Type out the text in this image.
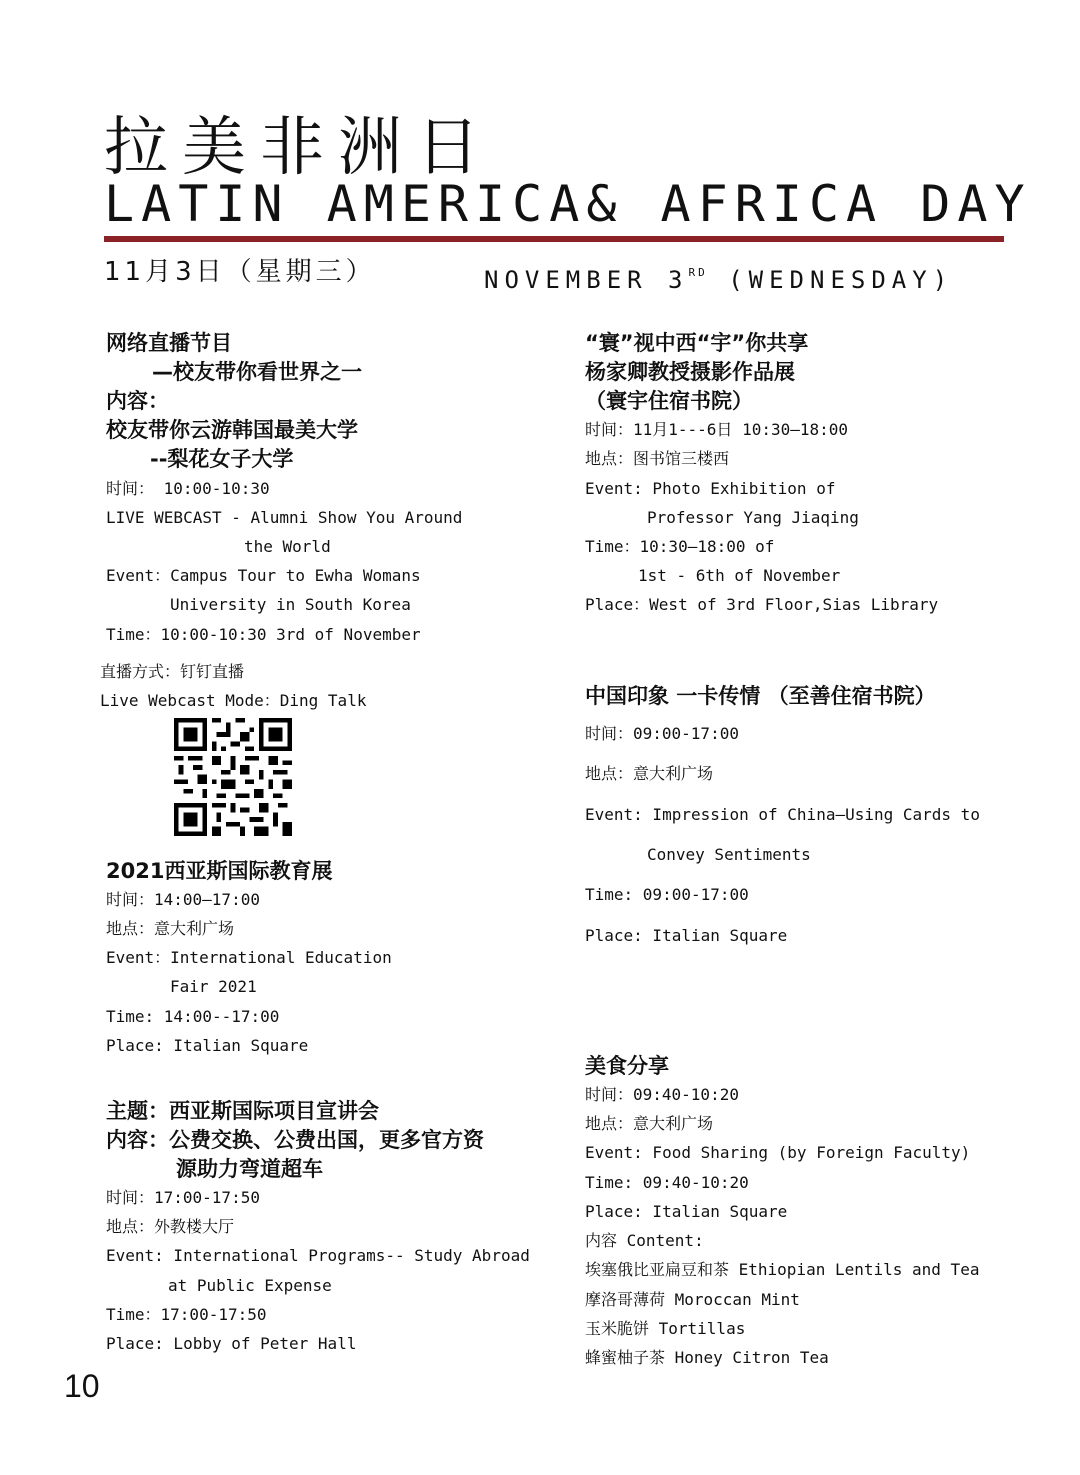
拉美非洲日
LATIN AMERICA& AFRICA DAY
11月3日（星期三）	NOVEMBER 3RD (WEDNESDAY)
网络直播节目
—校友带你看世界之一
内容：
校友带你云游韩国最美大学
--梨花女子大学
时间： 10:00-10:30
LIVE WEBCAST - Alumni Show You Around
the World
Event：Campus Tour to Ewha Womans
University in South Korea
Time：10:00-10:30 3rd of November
直播方式：钉钉直播
Live Webcast Mode：Ding Talk
2021西亚斯国际教育展
时间：14:00—17:00
地点：意大利广场
Event：International Education
Fair 2021
Time: 14:00--17:00
Place: Italian Square
主题：西亚斯国际项目宣讲会
内容：公费交换、公费出国，更多官方资
源助力弯道超车
时间：17:00-17:50
地点：外教楼大厅
Event: International Programs-- Study Abroad
at Public Expense
Time：17:00-17:50
Place: Lobby of Peter Hall
“寰”视中西“宇”你共享
杨家卿教授摄影作品展
（寰宇住宿书院）
时间：11月1---6日 10:30—18:00
地点：图书馆三楼西
Event: Photo Exhibition of
Professor Yang Jiaqing
Time：10:30—18:00 of
1st - 6th of November
Place：West of 3rd Floor,Sias Library
中国印象 一卡传情 （至善住宿书院）
时间：09:00-17:00
地点：意大利广场
Event: Impression of China—Using Cards to
Convey Sentiments
Time: 09:00-17:00
Place: Italian Square
美食分享
时间：09:40-10:20
地点：意大利广场
Event: Food Sharing (by Foreign Faculty)
Time: 09:40-10:20
Place: Italian Square
内容 Content:
埃塞俄比亚扁豆和茶 Ethiopian Lentils and Tea
摩洛哥薄荷 Moroccan Mint
玉米脆饼 Tortillas
蜂蜜柚子茶 Honey Citron Tea
10
